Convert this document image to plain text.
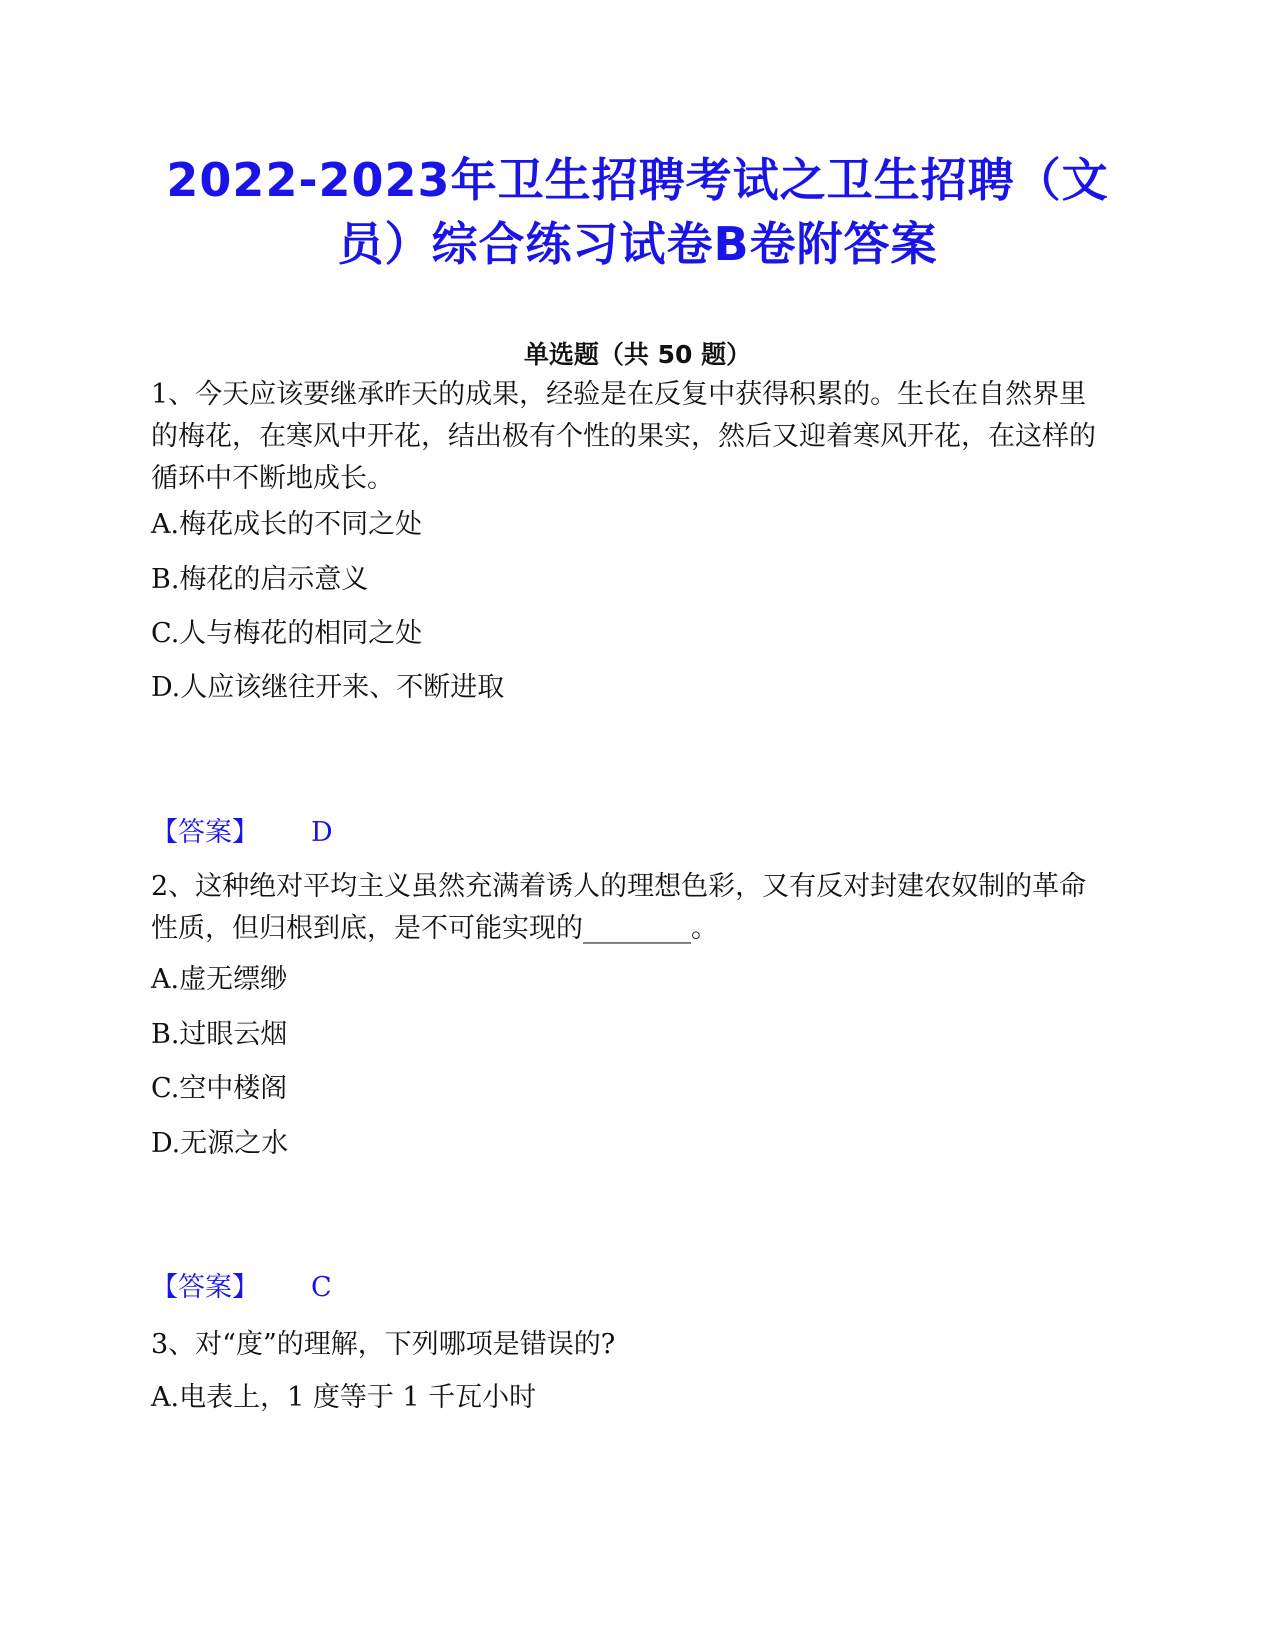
2022-2023年卫生招聘考试之卫生招聘（文员）综合练习试卷B卷附答案
单选题（共 50 题）
1、今天应该要继承昨天的成果，经验是在反复中获得积累的。生长在自然界里的梅花，在寒风中开花，结出极有个性的果实，然后又迎着寒风开花，在这样的循环中不断地成长。
A.梅花成长的不同之处
B.梅花的启示意义
C.人与梅花的相同之处
D.人应该继往开来、不断进取
【答案】 D
2、这种绝对平均主义虽然充满着诱人的理想色彩，又有反对封建农奴制的革命性质，但归根到底，是不可能实现的________。
A.虚无缥缈
B.过眼云烟
C.空中楼阁
D.无源之水
【答案】 C
3、对“度”的理解，下列哪项是错误的?
A.电表上，1 度等于 1 千瓦小时
